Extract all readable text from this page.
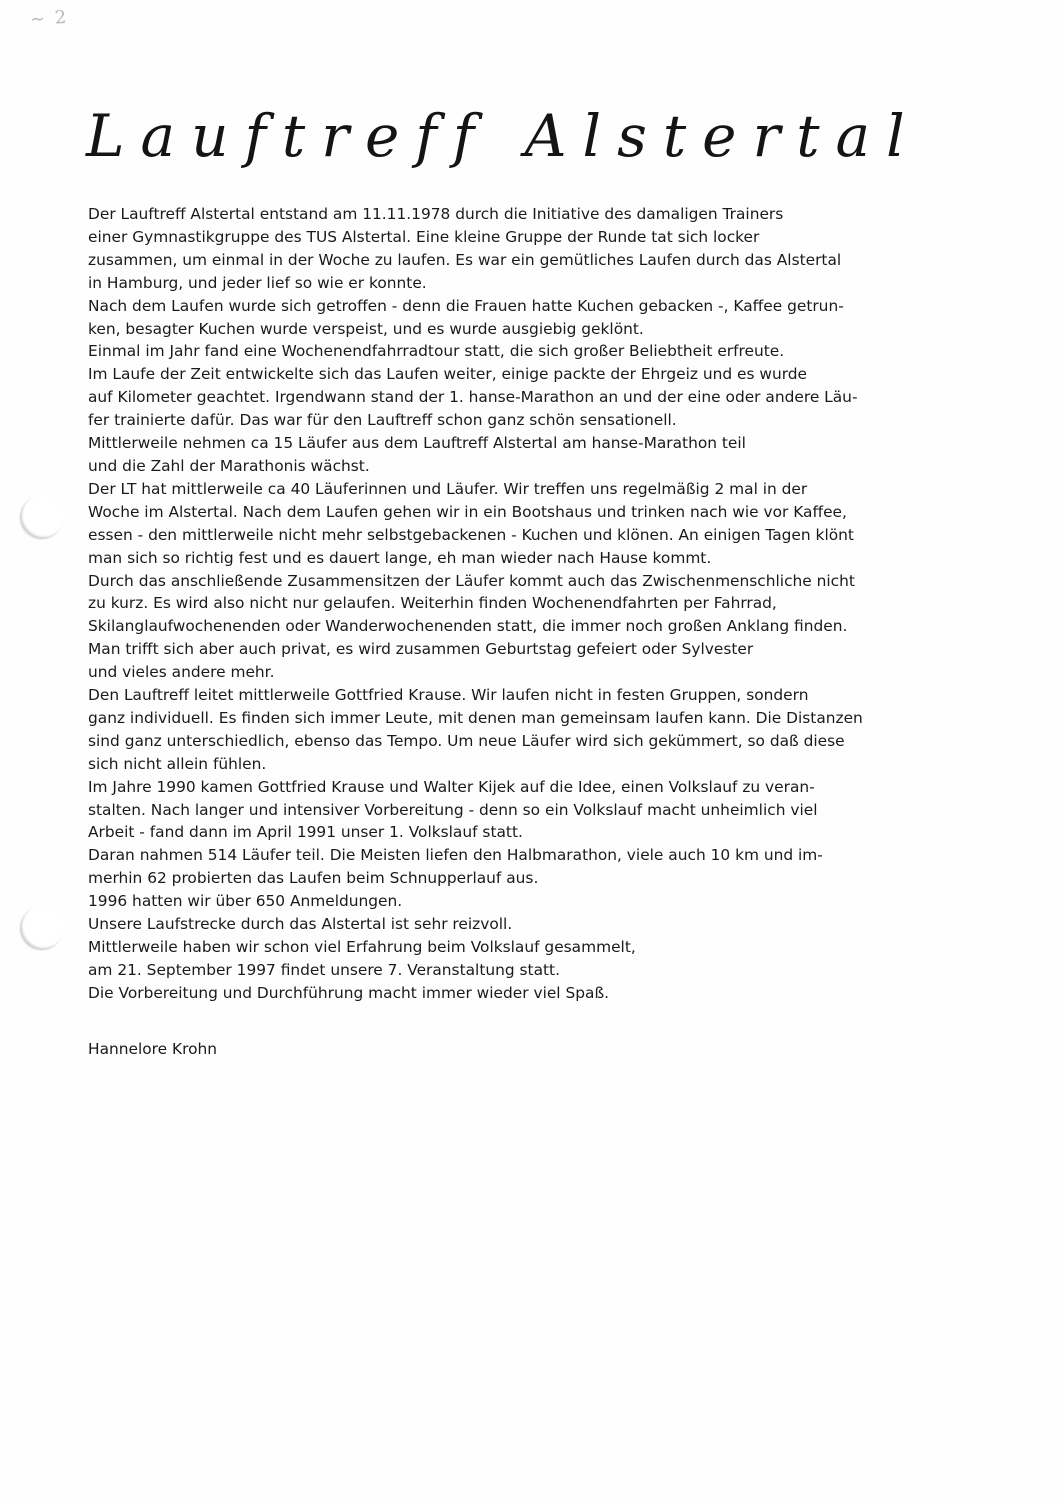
~ 2
Lauftreff Alstertal
Der Lauftreff Alstertal entstand am 11.11.1978 durch die Initiative des damaligen Trainers
einer Gymnastikgruppe des TUS Alstertal. Eine kleine Gruppe der Runde tat sich locker
zusammen, um einmal in der Woche zu laufen. Es war ein gemütliches Laufen durch das Alstertal
in Hamburg, und jeder lief so wie er konnte.
Nach dem Laufen wurde sich getroffen - denn die Frauen hatte Kuchen gebacken -, Kaffee getrun-
ken, besagter Kuchen wurde verspeist, und es wurde ausgiebig geklönt.
Einmal im Jahr fand eine Wochenendfahrradtour statt, die sich großer Beliebtheit erfreute.
Im Laufe der Zeit entwickelte sich das Laufen weiter, einige packte der Ehrgeiz und es wurde
auf Kilometer geachtet. Irgendwann stand der 1. hanse-Marathon an und der eine oder andere Läu-
fer trainierte dafür. Das war für den Lauftreff schon ganz schön sensationell.
Mittlerweile nehmen ca 15 Läufer aus dem Lauftreff Alstertal am hanse-Marathon teil
und die Zahl der Marathonis wächst.
Der LT hat mittlerweile ca 40 Läuferinnen und Läufer. Wir treffen uns regelmäßig 2 mal in der
Woche im Alstertal. Nach dem Laufen gehen wir in ein Bootshaus und trinken nach wie vor Kaffee,
essen - den mittlerweile nicht mehr selbstgebackenen - Kuchen und klönen. An einigen Tagen klönt
man sich so richtig fest und es dauert lange, eh man wieder nach Hause kommt.
Durch das anschließende Zusammensitzen der Läufer kommt auch das Zwischenmenschliche nicht
zu kurz. Es wird also nicht nur gelaufen. Weiterhin finden Wochenendfahrten per Fahrrad,
Skilanglaufwochenenden oder Wanderwochenenden statt, die immer noch großen Anklang finden.
Man trifft sich aber auch privat, es wird zusammen Geburtstag gefeiert oder Sylvester
und vieles andere mehr.
Den Lauftreff leitet mittlerweile Gottfried Krause. Wir laufen nicht in festen Gruppen, sondern
ganz individuell. Es finden sich immer Leute, mit denen man gemeinsam laufen kann. Die Distanzen
sind ganz unterschiedlich, ebenso das Tempo. Um neue Läufer wird sich gekümmert, so daß diese
sich nicht allein fühlen.
Im Jahre 1990 kamen Gottfried Krause und Walter Kijek auf die Idee, einen Volkslauf zu veran-
stalten. Nach langer und intensiver Vorbereitung - denn so ein Volkslauf macht unheimlich viel
Arbeit - fand dann im April 1991 unser 1. Volkslauf statt.
Daran nahmen 514 Läufer teil. Die Meisten liefen den Halbmarathon, viele auch 10 km und im-
merhin 62 probierten das Laufen beim Schnupperlauf aus.
1996 hatten wir über 650 Anmeldungen.
Unsere Laufstrecke durch das Alstertal ist sehr reizvoll.
Mittlerweile haben wir schon viel Erfahrung beim Volkslauf gesammelt,
am 21. September 1997 findet unsere 7. Veranstaltung statt.
Die Vorbereitung und Durchführung macht immer wieder viel Spaß.
Hannelore Krohn
